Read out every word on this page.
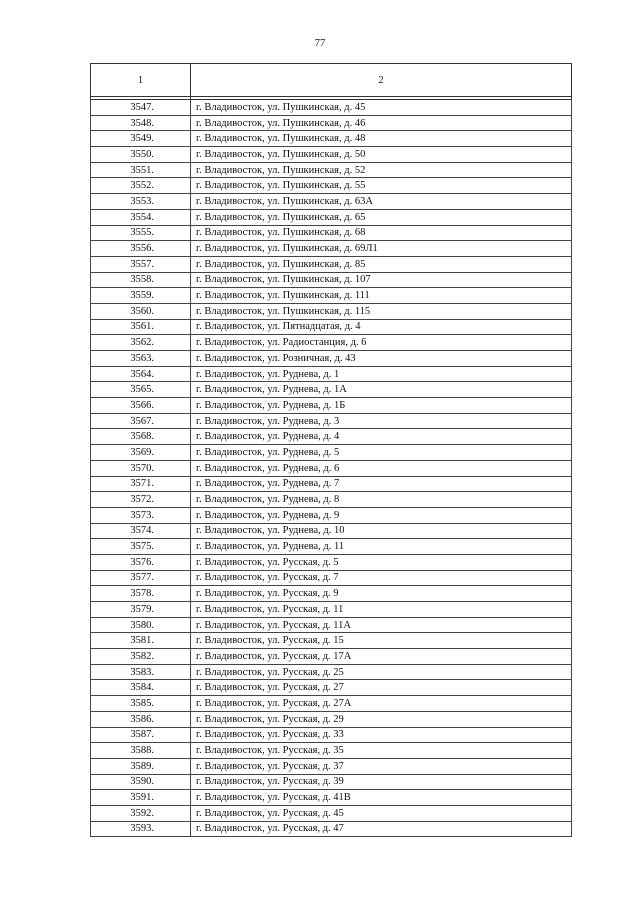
77
1	2

3547.	г. Владивосток, ул. Пушкинская, д. 45
3548.	г. Владивосток, ул. Пушкинская, д. 46
3549.	г. Владивосток, ул. Пушкинская, д. 48
3550.	г. Владивосток, ул. Пушкинская, д. 50
3551.	г. Владивосток, ул. Пушкинская, д. 52
3552.	г. Владивосток, ул. Пушкинская, д. 55
3553.	г. Владивосток, ул. Пушкинская, д. 63А
3554.	г. Владивосток, ул. Пушкинская, д. 65
3555.	г. Владивосток, ул. Пушкинская, д. 68
3556.	г. Владивосток, ул. Пушкинская, д. 69Л1
3557.	г. Владивосток, ул. Пушкинская, д. 85
3558.	г. Владивосток, ул. Пушкинская, д. 107
3559.	г. Владивосток, ул. Пушкинская, д. 111
3560.	г. Владивосток, ул. Пушкинская, д. 115
3561.	г. Владивосток, ул. Пятнадцатая, д. 4
3562.	г. Владивосток, ул. Радиостанция, д. 6
3563.	г. Владивосток, ул. Розничная, д. 43
3564.	г. Владивосток, ул. Руднева, д. 1
3565.	г. Владивосток, ул. Руднева, д. 1А
3566.	г. Владивосток, ул. Руднева, д. 1Б
3567.	г. Владивосток, ул. Руднева, д. 3
3568.	г. Владивосток, ул. Руднева, д. 4
3569.	г. Владивосток, ул. Руднева, д. 5
3570.	г. Владивосток, ул. Руднева, д. 6
3571.	г. Владивосток, ул. Руднева, д. 7
3572.	г. Владивосток, ул. Руднева, д. 8
3573.	г. Владивосток, ул. Руднева, д. 9
3574.	г. Владивосток, ул. Руднева, д. 10
3575.	г. Владивосток, ул. Руднева, д. 11
3576.	г. Владивосток, ул. Русская, д. 5
3577.	г. Владивосток, ул. Русская, д. 7
3578.	г. Владивосток, ул. Русская, д. 9
3579.	г. Владивосток, ул. Русская, д. 11
3580.	г. Владивосток, ул. Русская, д. 11А
3581.	г. Владивосток, ул. Русская, д. 15
3582.	г. Владивосток, ул. Русская, д. 17А
3583.	г. Владивосток, ул. Русская, д. 25
3584.	г. Владивосток, ул. Русская, д. 27
3585.	г. Владивосток, ул. Русская, д. 27А
3586.	г. Владивосток, ул. Русская, д. 29
3587.	г. Владивосток, ул. Русская, д. 33
3588.	г. Владивосток, ул. Русская, д. 35
3589.	г. Владивосток, ул. Русская, д. 37
3590.	г. Владивосток, ул. Русская, д. 39
3591.	г. Владивосток, ул. Русская, д. 41В
3592.	г. Владивосток, ул. Русская, д. 45
3593.	г. Владивосток, ул. Русская, д. 47
